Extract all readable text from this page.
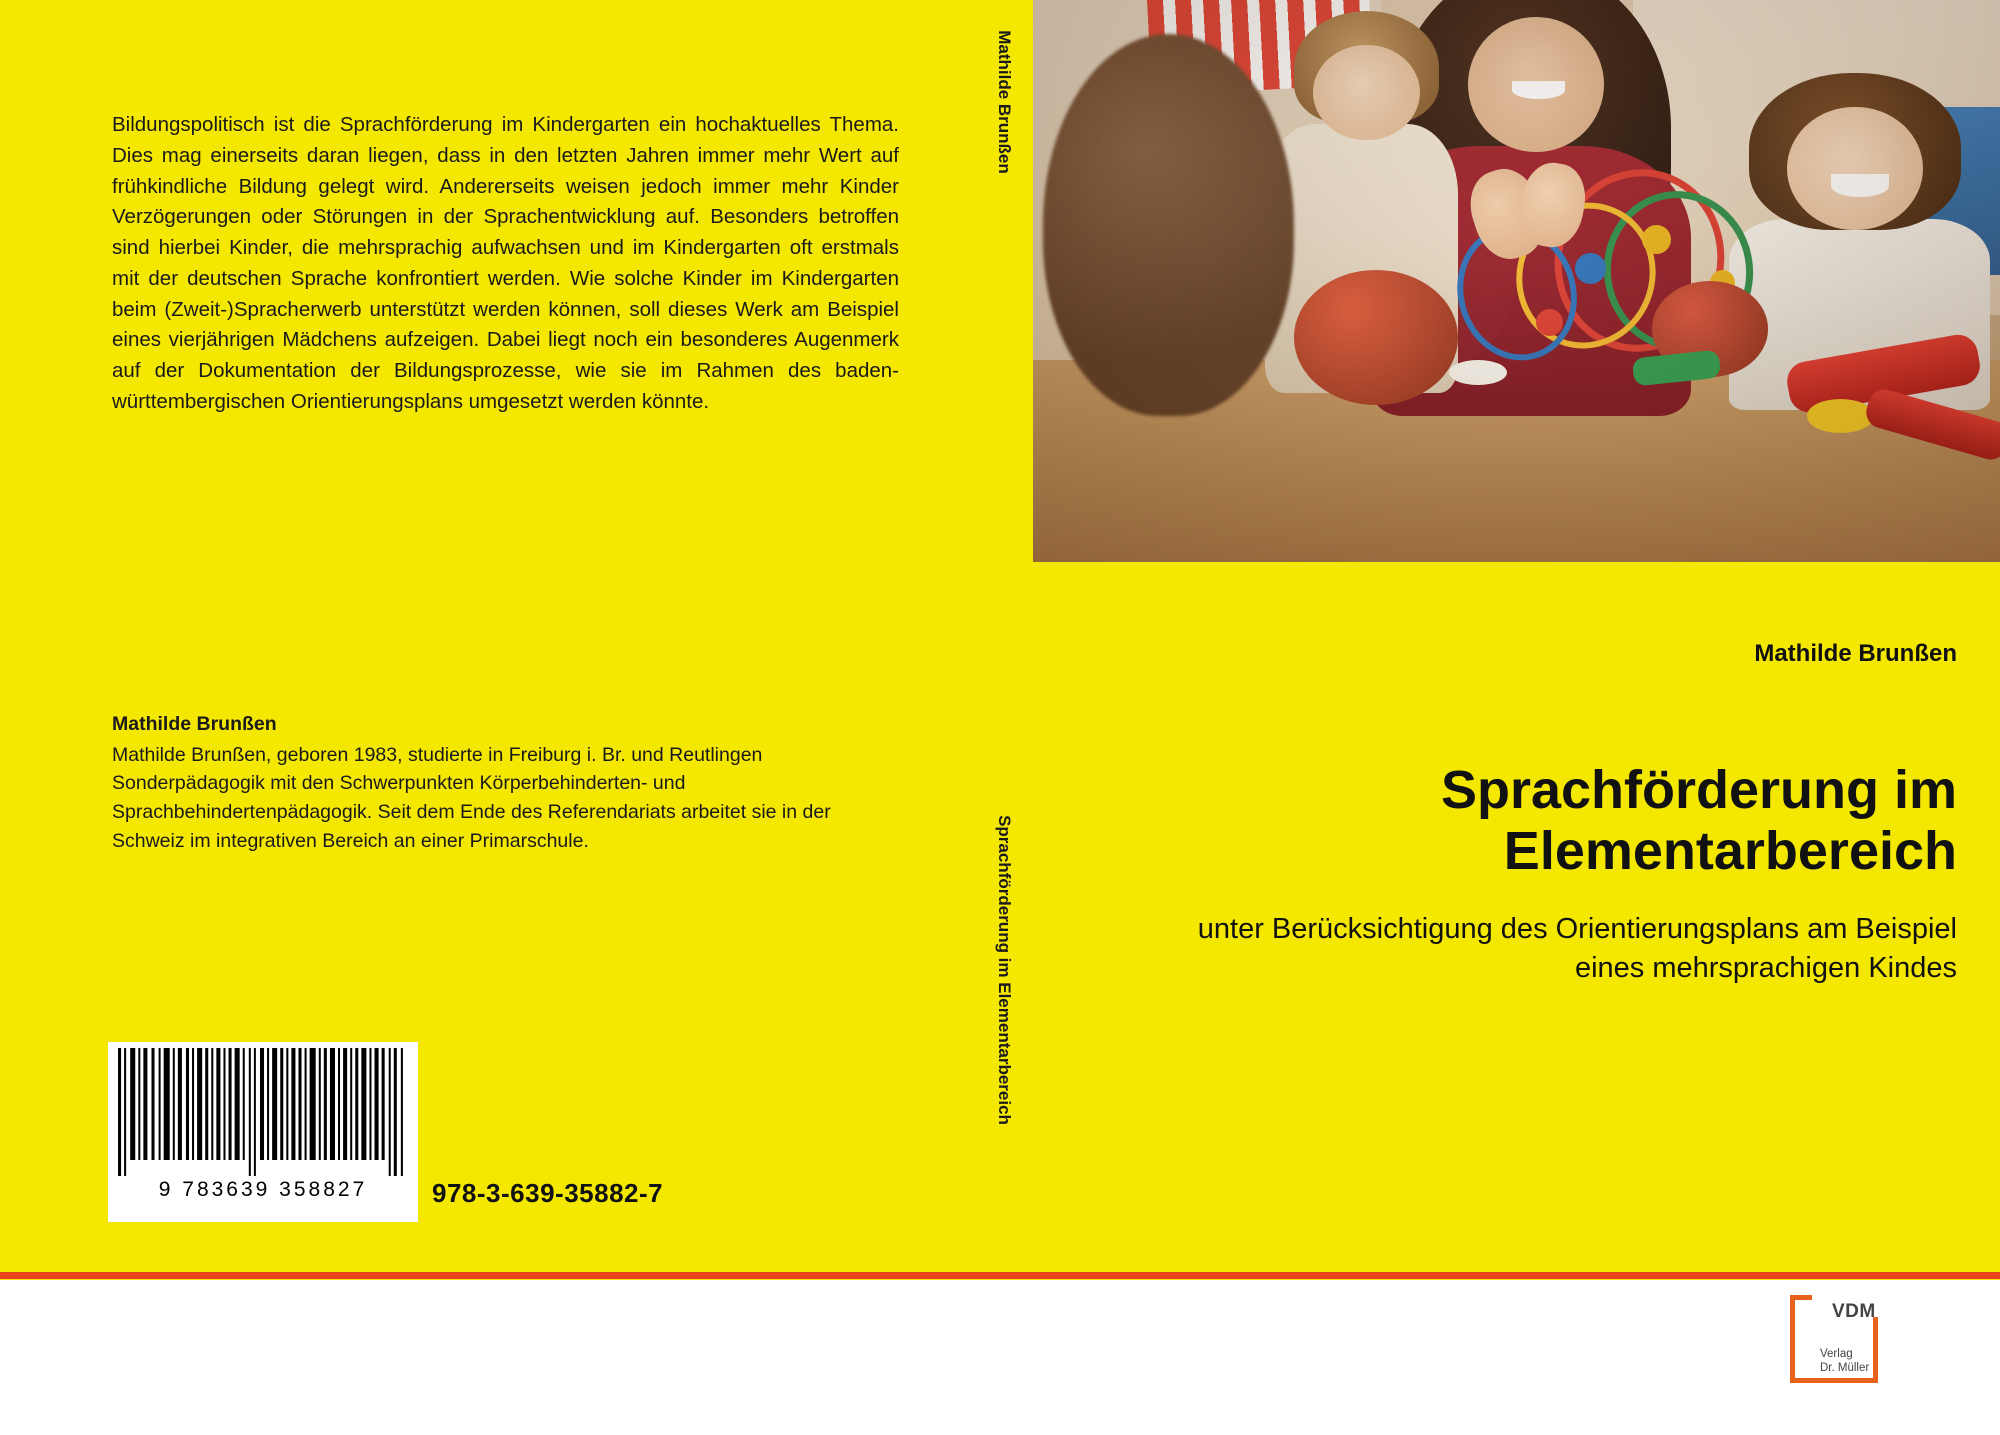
Bildungspolitisch ist die Sprachförderung im Kindergarten ein hochaktuelles Thema. Dies mag einerseits daran liegen, dass in den letzten Jahren immer mehr Wert auf frühkindliche Bildung gelegt wird. Andererseits weisen jedoch immer mehr Kinder Verzögerungen oder Störungen in der Sprachentwicklung auf. Besonders betroffen sind hierbei Kinder, die mehrsprachig aufwachsen und im Kindergarten oft erstmals mit der deutschen Sprache konfrontiert werden. Wie solche Kinder im Kindergarten beim (Zweit-)Spracherwerb unterstützt werden können, soll dieses Werk am Beispiel eines vierjährigen Mädchens aufzeigen. Dabei liegt noch ein besonderes Augenmerk auf der Dokumentation der Bildungsprozesse, wie sie im Rahmen des baden-württembergischen Orientierungsplans umgesetzt werden könnte.
Mathilde Brunßen
Mathilde Brunßen, geboren 1983, studierte in Freiburg i. Br. und Reutlingen Sonderpädagogik mit den Schwerpunkten Körperbehinderten- und Sprachbehindertenpädagogik. Seit dem Ende des Referendariats arbeitet sie in der Schweiz im integrativen Bereich an einer Primarschule.
9 783639 358827	978-3-639-35882-7
Mathilde Brunßen
Sprachförderung im Elementarbereich
Mathilde Brunßen
Sprachförderung im Elementarbereich
unter Berücksichtigung des Orientierungsplans am Beispiel eines mehrsprachigen Kindes
VDM
Verlag
Dr. Müller
